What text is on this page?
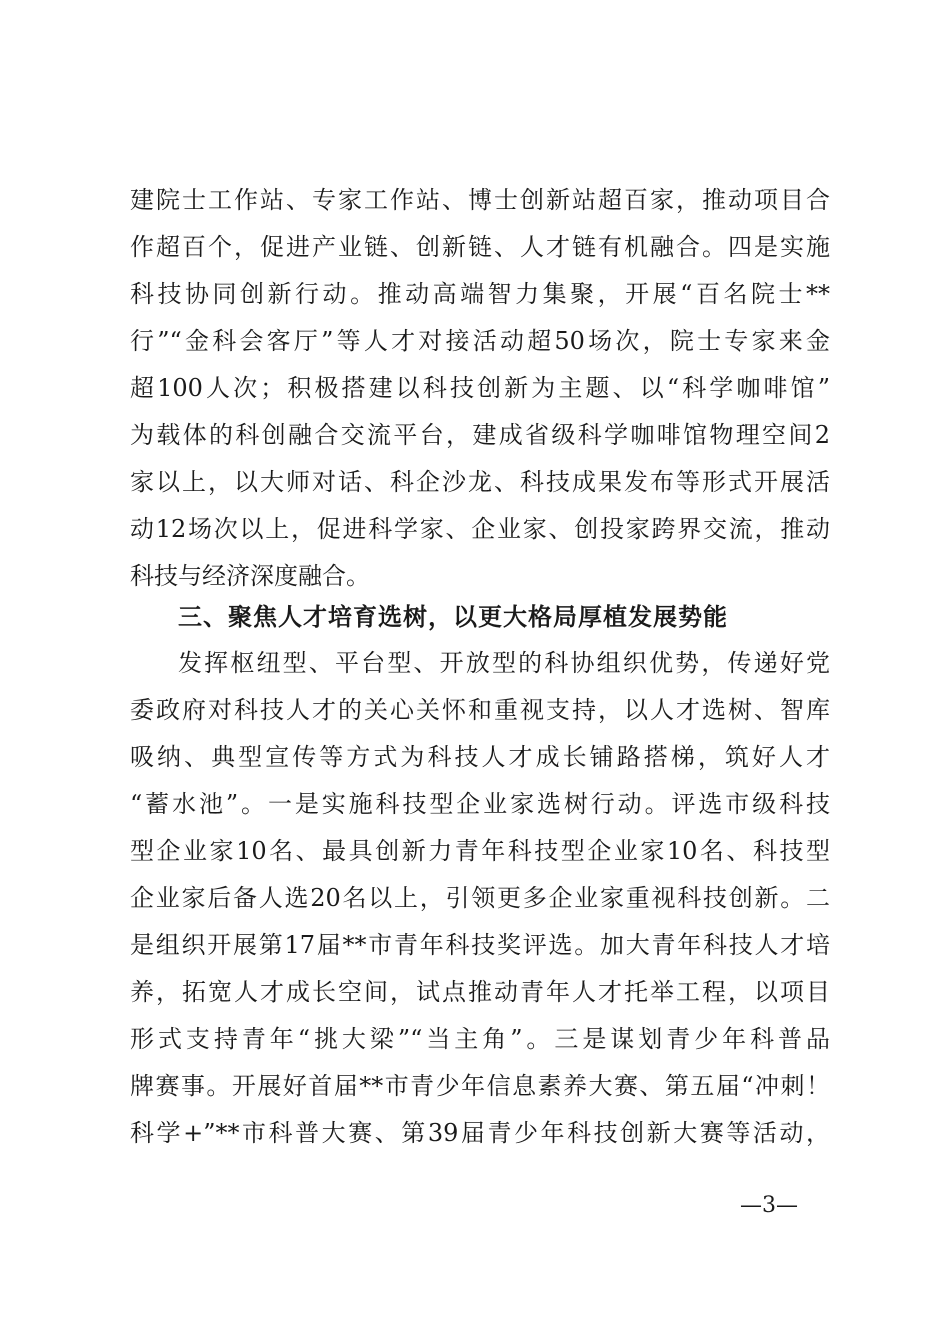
建院士工作站、专家工作站、博士创新站超百家，推动项目合
作超百个，促进产业链、创新链、人才链有机融合。四是实施
科技协同创新行动。推动高端智力集聚，开展“百名院士**
行”“金科会客厅”等人才对接活动超50场次，院士专家来金
超100人次；积极搭建以科技创新为主题、以“科学咖啡馆”
为载体的科创融合交流平台，建成省级科学咖啡馆物理空间2
家以上，以大师对话、科企沙龙、科技成果发布等形式开展活
动12场次以上，促进科学家、企业家、创投家跨界交流，推动
科技与经济深度融合。
三、聚焦人才培育选树，以更大格局厚植发展势能
发挥枢纽型、平台型、开放型的科协组织优势，传递好党
委政府对科技人才的关心关怀和重视支持，以人才选树、智库
吸纳、典型宣传等方式为科技人才成长铺路搭梯，筑好人才
“蓄水池”。一是实施科技型企业家选树行动。评选市级科技
型企业家10名、最具创新力青年科技型企业家10名、科技型
企业家后备人选20名以上，引领更多企业家重视科技创新。二
是组织开展第17届**市青年科技奖评选。加大青年科技人才培
养，拓宽人才成长空间，试点推动青年人才托举工程，以项目
形式支持青年“挑大梁”“当主角”。三是谋划青少年科普品
牌赛事。开展好首届**市青少年信息素养大赛、第五届“冲刺！
科学+”**市科普大赛、第39届青少年科技创新大赛等活动，
—3—
